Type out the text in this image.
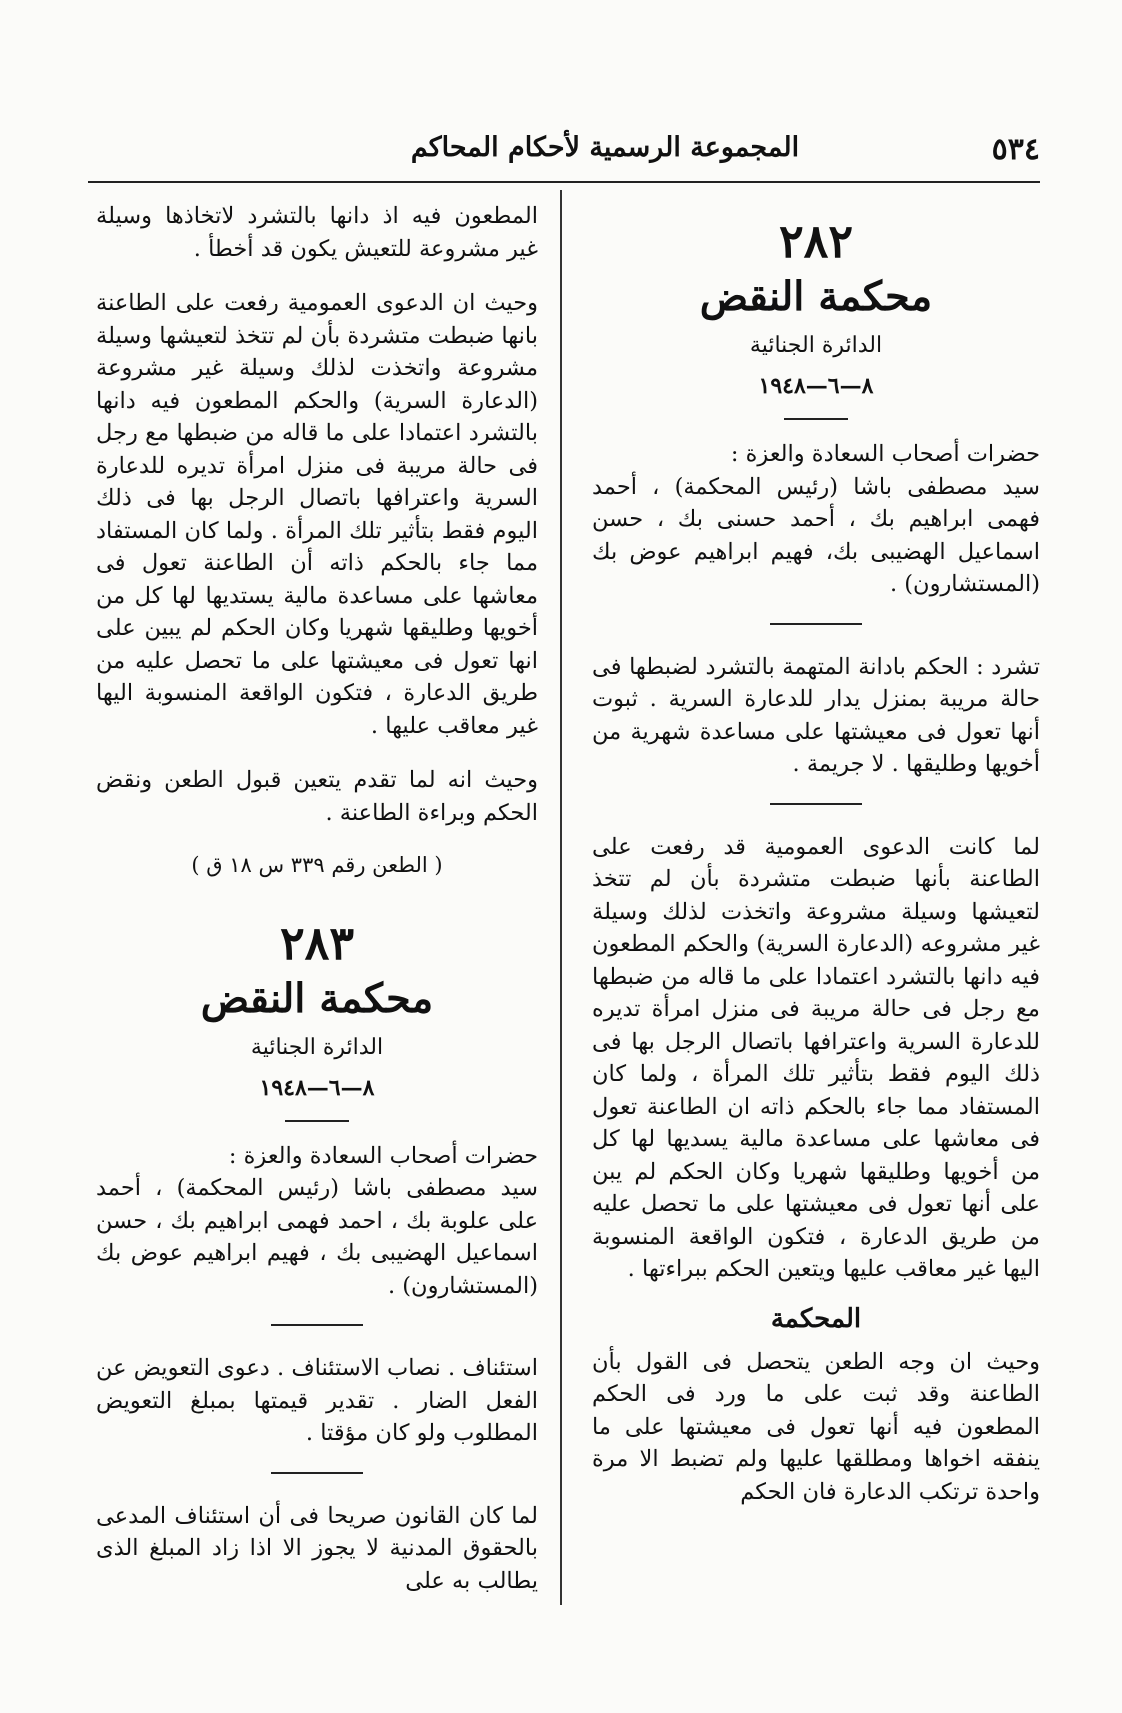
٥٣٤
المجموعة الرسمية لأحكام المحاكم
٢٨٢
محكمة النقض
الدائرة الجنائية
٨—٦—١٩٤٨

حضرات أصحاب السعادة والعزة :

سيد مصطفى باشا (رئيس المحكمة) ، أحمد فهمى ابراهيم بك ، أحمد حسنى بك ، حسن اسماعيل الهضيبى بك، فهيم ابراهيم عوض بك (المستشارون) .

تشرد : الحكم بادانة المتهمة بالتشرد لضبطها فى حالة مريبة بمنزل يدار للدعارة السرية . ثبوت أنها تعول فى معيشتها على مساعدة شهرية من أخويها وطليقها . لا جريمة .

لما كانت الدعوى العمومية قد رفعت على الطاعنة بأنها ضبطت متشردة بأن لم تتخذ لتعيشها وسيلة مشروعة واتخذت لذلك وسيلة غير مشروعه (الدعارة السرية) والحكم المطعون فيه دانها بالتشرد اعتمادا على ما قاله من ضبطها مع رجل فى حالة مريبة فى منزل امرأة تديره للدعارة السرية واعترافها باتصال الرجل بها فى ذلك اليوم فقط بتأثير تلك المرأة ، ولما كان المستفاد مما جاء بالحكم ذاته ان الطاعنة تعول فى معاشها على مساعدة مالية يسديها لها كل من أخويها وطليقها شهريا وكان الحكم لم يبن على أنها تعول فى معيشتها على ما تحصل عليه من طريق الدعارة ، فتكون الواقعة المنسوبة اليها غير معاقب عليها ويتعين الحكم ببراءتها .

المحكمة

وحيث ان وجه الطعن يتحصل فى القول بأن الطاعنة وقد ثبت على ما ورد فى الحكم المطعون فيه أنها تعول فى معيشتها على ما ينفقه اخواها ومطلقها عليها ولم تضبط الا مرة واحدة ترتكب الدعارة فان الحكم

المطعون فيه اذ دانها بالتشرد لاتخاذها وسيلة غير مشروعة للتعيش يكون قد أخطأ .

وحيث ان الدعوى العمومية رفعت على الطاعنة بانها ضبطت متشردة بأن لم تتخذ لتعيشها وسيلة مشروعة واتخذت لذلك وسيلة غير مشروعة (الدعارة السرية) والحكم المطعون فيه دانها بالتشرد اعتمادا على ما قاله من ضبطها مع رجل فى حالة مريبة فى منزل امرأة تديره للدعارة السرية واعترافها باتصال الرجل بها فى ذلك اليوم فقط بتأثير تلك المرأة . ولما كان المستفاد مما جاء بالحكم ذاته أن الطاعنة تعول فى معاشها على مساعدة مالية يستديها لها كل من أخويها وطليقها شهريا وكان الحكم لم يبين على انها تعول فى معيشتها على ما تحصل عليه من طريق الدعارة ، فتكون الواقعة المنسوبة اليها غير معاقب عليها .

وحيث انه لما تقدم يتعين قبول الطعن ونقض الحكم وبراءة الطاعنة .

( الطعن رقم ٣٣٩ س ١٨ ق )
٢٨٣
محكمة النقض
الدائرة الجنائية
٨—٦—١٩٤٨

حضرات أصحاب السعادة والعزة :

سيد مصطفى باشا (رئيس المحكمة) ، أحمد على علوبة بك ، احمد فهمى ابراهيم بك ، حسن اسماعيل الهضيبى بك ، فهيم ابراهيم عوض بك (المستشارون) .

استئناف . نصاب الاستئناف . دعوى التعويض عن الفعل الضار . تقدير قيمتها بمبلغ التعويض المطلوب ولو كان مؤقتا .

لما كان القانون صريحا فى أن استئناف المدعى بالحقوق المدنية لا يجوز الا اذا زاد المبلغ الذى يطالب به على
